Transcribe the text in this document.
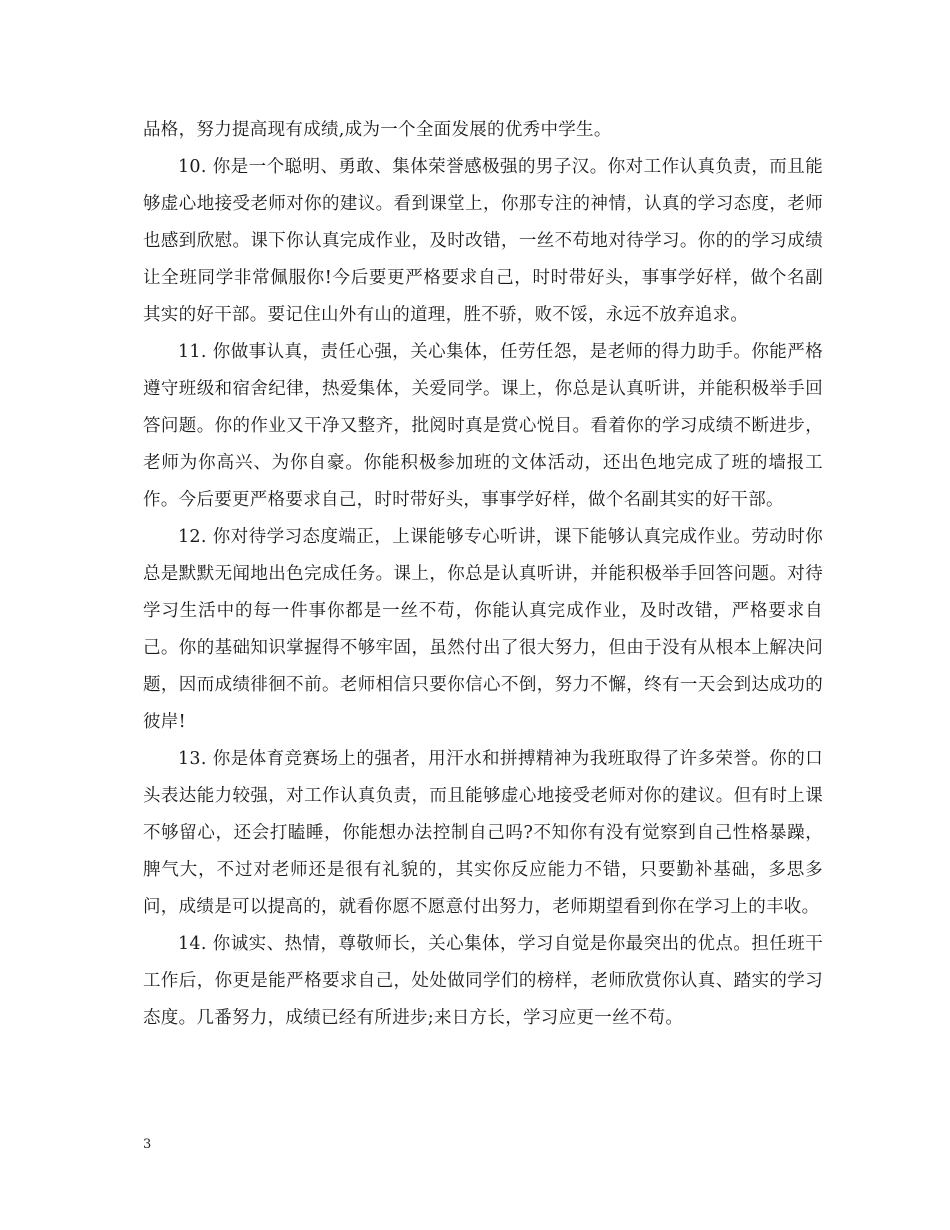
品格，努力提高现有成绩,成为一个全面发展的优秀中学生。

10. 你是一个聪明、勇敢、集体荣誉感极强的男子汉。你对工作认真负责，而且能够虚心地接受老师对你的建议。看到课堂上，你那专注的神情，认真的学习态度，老师也感到欣慰。课下你认真完成作业，及时改错，一丝不苟地对待学习。你的的学习成绩让全班同学非常佩服你!今后要更严格要求自己，时时带好头，事事学好样，做个名副其实的好干部。要记住山外有山的道理，胜不骄，败不馁，永远不放弃追求。

11. 你做事认真，责任心强，关心集体，任劳任怨，是老师的得力助手。你能严格遵守班级和宿舍纪律，热爱集体，关爱同学。课上，你总是认真听讲，并能积极举手回答问题。你的作业又干净又整齐，批阅时真是赏心悦目。看着你的学习成绩不断进步，老师为你高兴、为你自豪。你能积极参加班的文体活动，还出色地完成了班的墙报工作。今后要更严格要求自己，时时带好头，事事学好样，做个名副其实的好干部。

12. 你对待学习态度端正，上课能够专心听讲，课下能够认真完成作业。劳动时你总是默默无闻地出色完成任务。课上，你总是认真听讲，并能积极举手回答问题。对待学习生活中的每一件事你都是一丝不苟，你能认真完成作业，及时改错，严格要求自己。你的基础知识掌握得不够牢固，虽然付出了很大努力，但由于没有从根本上解决问题，因而成绩徘徊不前。老师相信只要你信心不倒，努力不懈，终有一天会到达成功的彼岸!

13. 你是体育竞赛场上的强者，用汗水和拼搏精神为我班取得了许多荣誉。你的口头表达能力较强，对工作认真负责，而且能够虚心地接受老师对你的建议。但有时上课不够留心，还会打瞌睡，你能想办法控制自己吗?不知你有没有觉察到自己性格暴躁，脾气大，不过对老师还是很有礼貌的，其实你反应能力不错，只要勤补基础，多思多问，成绩是可以提高的，就看你愿不愿意付出努力，老师期望看到你在学习上的丰收。

14. 你诚实、热情，尊敬师长，关心集体，学习自觉是你最突出的优点。担任班干工作后，你更是能严格要求自己，处处做同学们的榜样，老师欣赏你认真、踏实的学习态度。几番努力，成绩已经有所进步;来日方长，学习应更一丝不苟。

3
